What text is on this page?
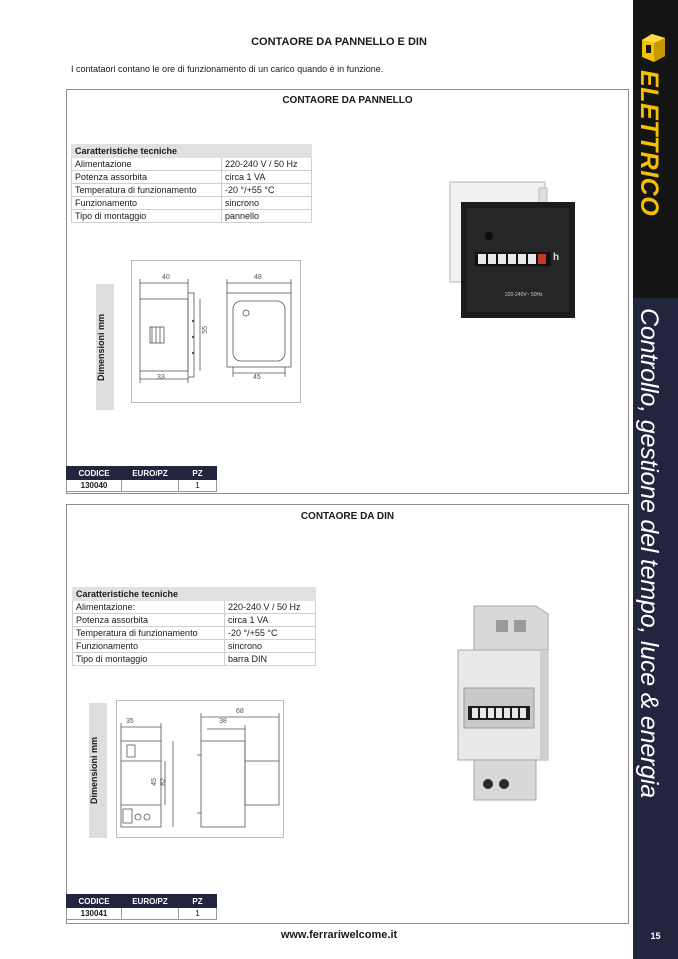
ELETTRICO
Controllo, gestione del tempo, luce & energia
15
CONTAORE DA PANNELLO E DIN
I contataori contano le ore di funzionamento di un carico quando è in funzione.
CONTAORE DA PANNELLO
Caratteristiche tecniche	
Alimentazione	220-240 V / 50 Hz
Potenza assorbita	circa 1 VA
Temperatura di funzionamento	-20 °/+55 °C
Funzionamento	sincrono
Tipo di montaggio	pannello
Dimensioni mm
40	48
55
33	45
h
220-240V~ 50Hz
CODICE	EURO/PZ	PZ
130040		1
CONTAORE DA DIN
Caratteristiche tecniche	
Alimentazione:	220-240 V / 50 Hz
Potenza assorbita	circa 1 VA
Temperatura di funzionamento	-20 °/+55 °C
Funzionamento	sincrono
Tipo di montaggio	barra DIN
Dimensioni mm
35
68
38
45 82
CODICE	EURO/PZ	PZ
130041		1
www.ferrariwelcome.it
